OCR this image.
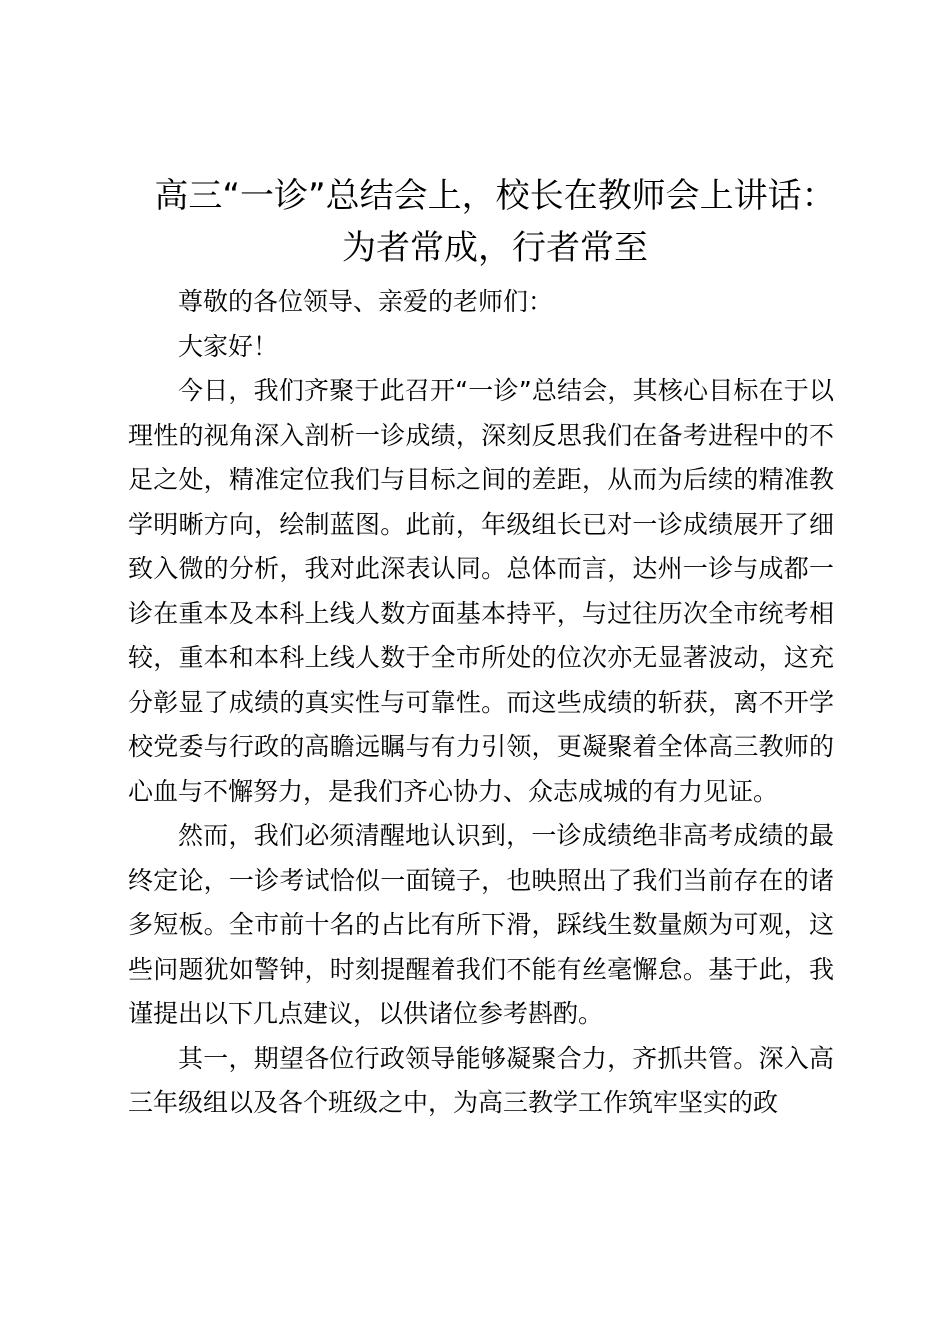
高三“一诊”总结会上，校长在教师会上讲话：
为者常成，行者常至

尊敬的各位领导、亲爱的老师们：

大家好！

今日，我们齐聚于此召开“一诊”总结会，其核心目标在于以理性的视角深入剖析一诊成绩，深刻反思我们在备考进程中的不足之处，精准定位我们与目标之间的差距，从而为后续的精准教学明晰方向，绘制蓝图。此前，年级组长已对一诊成绩展开了细致入微的分析，我对此深表认同。总体而言，达州一诊与成都一诊在重本及本科上线人数方面基本持平，与过往历次全市统考相较，重本和本科上线人数于全市所处的位次亦无显著波动，这充分彰显了成绩的真实性与可靠性。而这些成绩的斩获，离不开学校党委与行政的高瞻远瞩与有力引领，更凝聚着全体高三教师的心血与不懈努力，是我们齐心协力、众志成城的有力见证。

然而，我们必须清醒地认识到，一诊成绩绝非高考成绩的最终定论，一诊考试恰似一面镜子，也映照出了我们当前存在的诸多短板。全市前十名的占比有所下滑，踩线生数量颇为可观，这些问题犹如警钟，时刻提醒着我们不能有丝毫懈怠。基于此，我谨提出以下几点建议，以供诸位参考斟酌。

其一，期望各位行政领导能够凝聚合力，齐抓共管。深入高三年级组以及各个班级之中，为高三教学工作筑牢坚实的政
